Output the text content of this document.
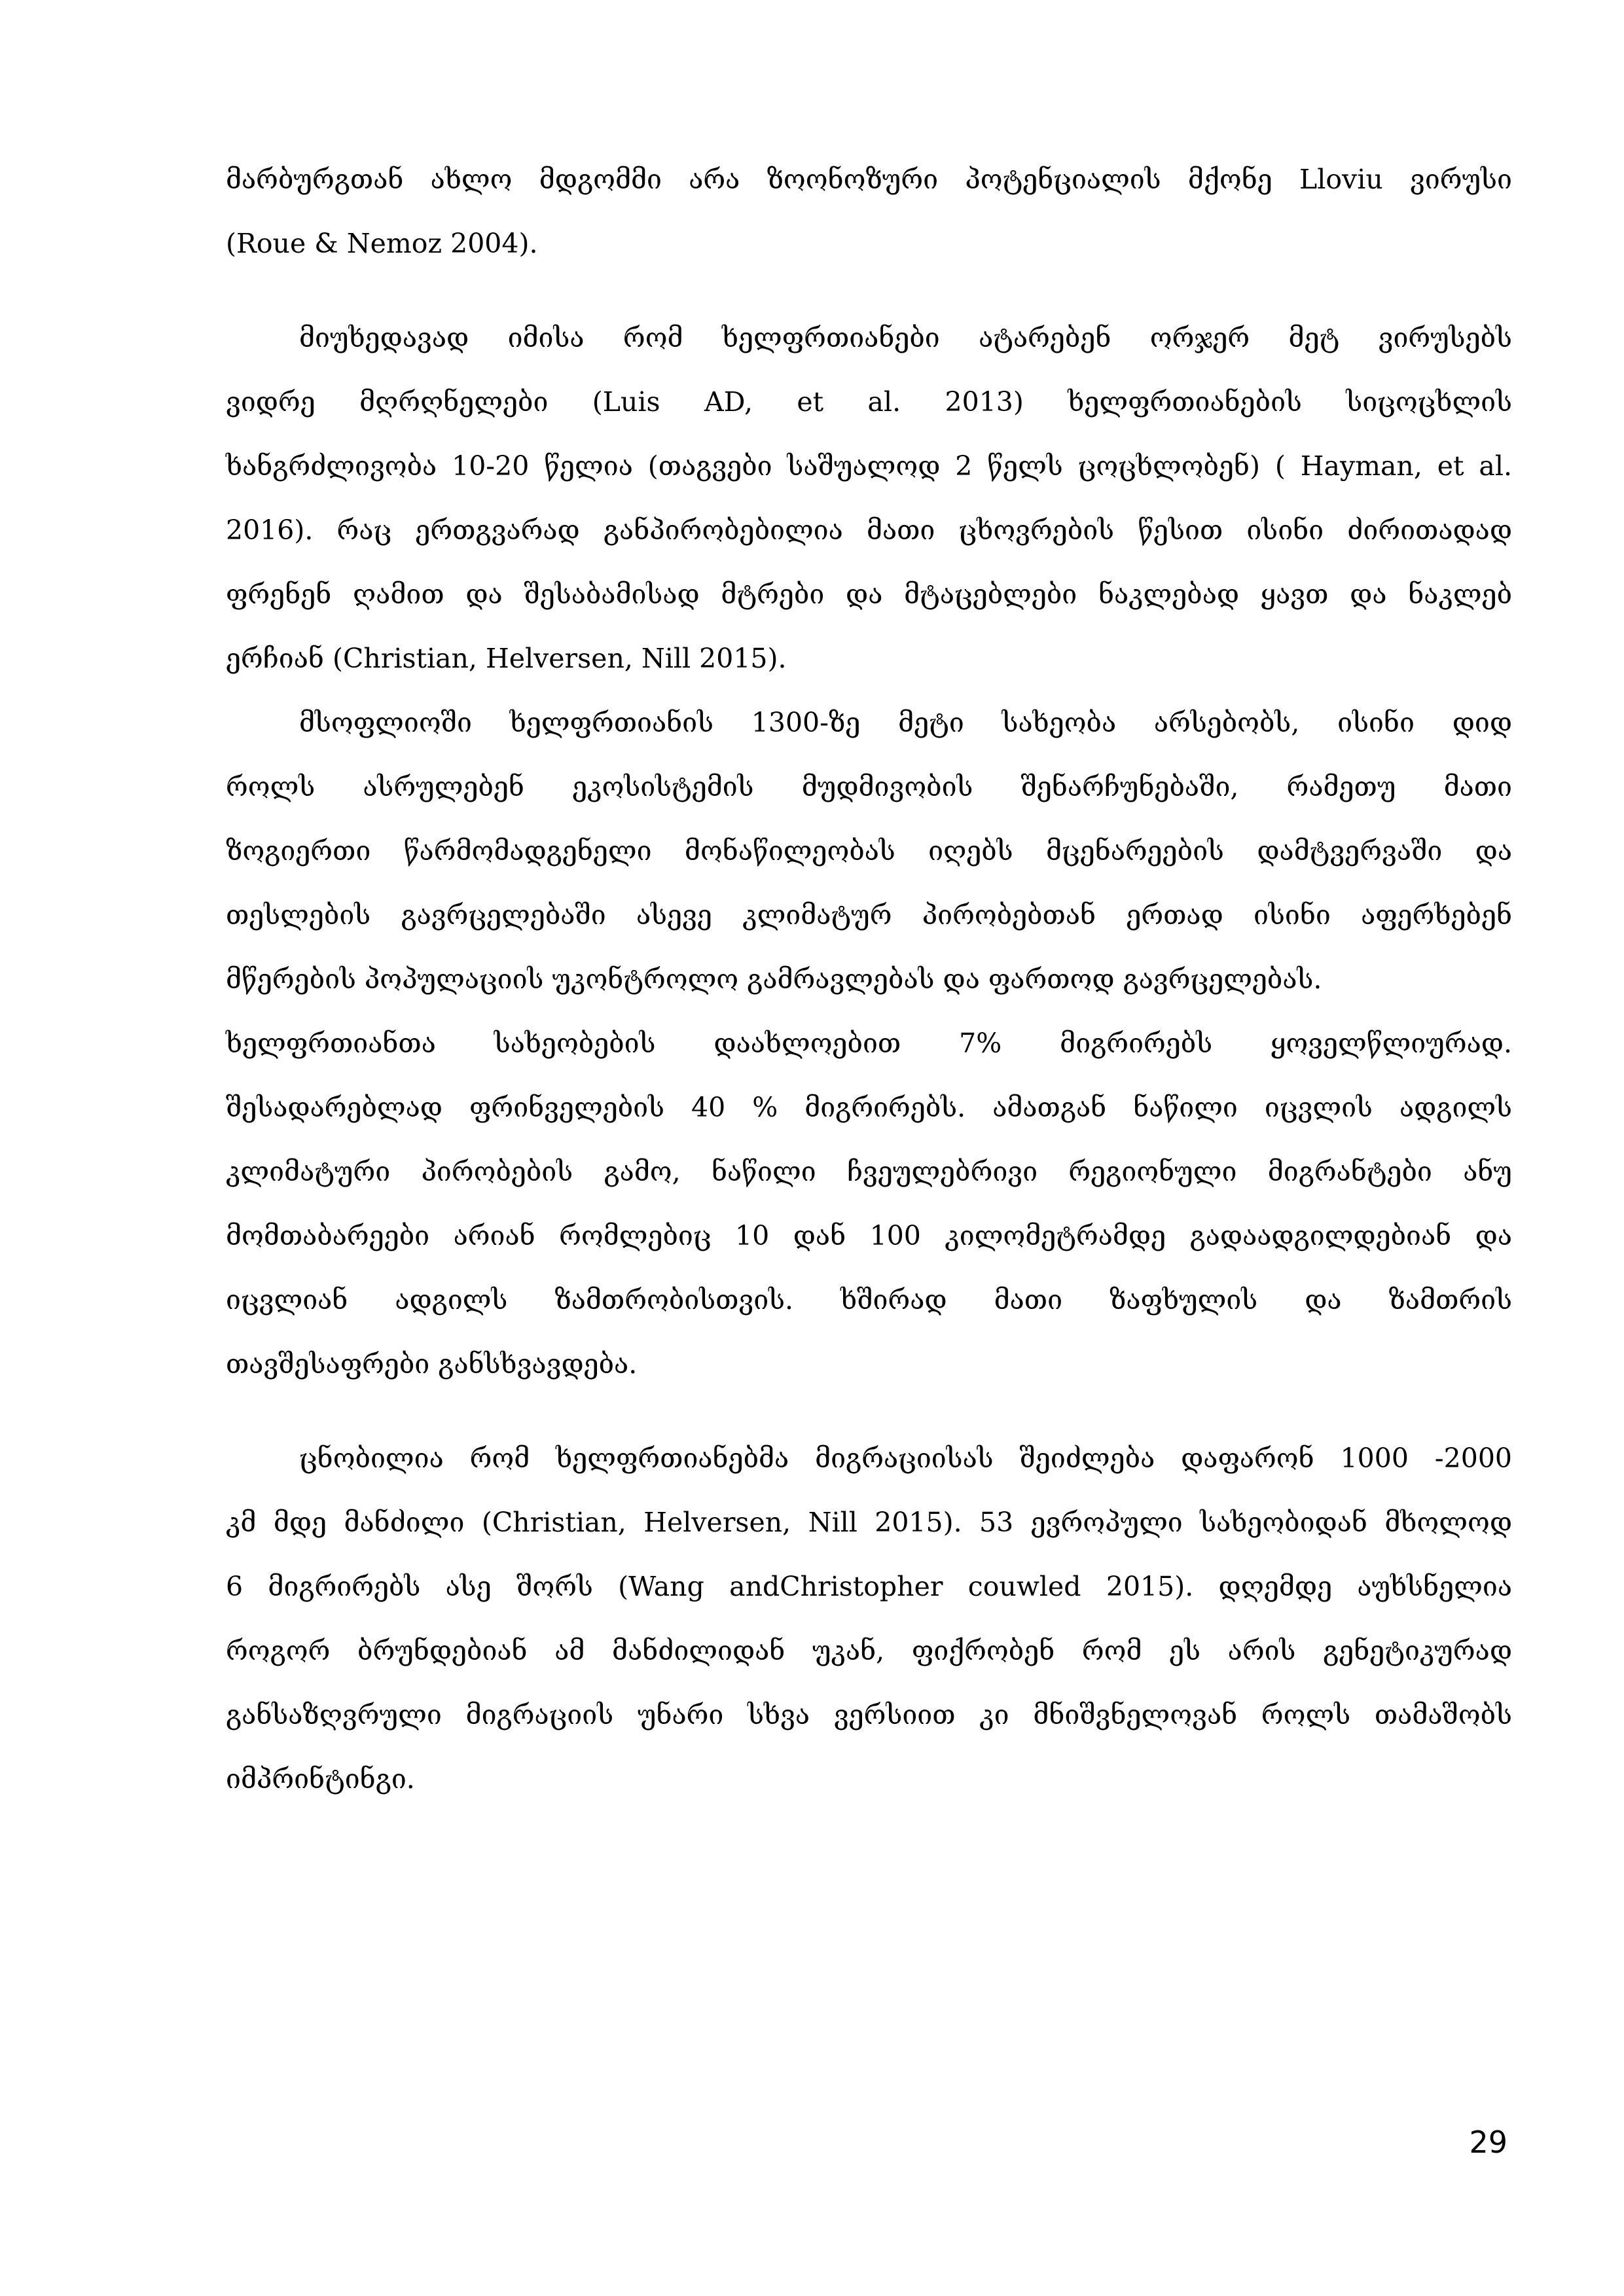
მარბურგთან ახლო მდგომმი არა ზოონოზური პოტენციალის მქონე Lloviu ვირუსი
(Roue & Nemoz 2004).
მიუხედავად იმისა რომ ხელფრთიანები ატარებენ ორჯერ მეტ ვირუსებს
ვიდრე მღრღნელები (Luis AD, et al. 2013) ხელფრთიანების სიცოცხლის
ხანგრძლივობა 10-20 წელია (თაგვები საშუალოდ 2 წელს ცოცხლობენ) ( Hayman, et al.
2016). რაც ერთგვარად განპირობებილია მათი ცხოვრების წესით ისინი ძირითადად
ფრენენ ღამით და შესაბამისად მტრები და მტაცებლები ნაკლებად ყავთ და ნაკლებ
ერჩიან (Christian, Helversen, Nill 2015).
მსოფლიოში ხელფრთიანის 1300-ზე მეტი სახეობა არსებობს, ისინი დიდ
როლს ასრულებენ ეკოსისტემის მუდმივობის შენარჩუნებაში, რამეთუ მათი
ზოგიერთი წარმომადგენელი მონაწილეობას იღებს მცენარეების დამტვერვაში და
თესლების გავრცელებაში ასევე კლიმატურ პირობებთან ერთად ისინი აფერხებენ
მწერების პოპულაციის უკონტროლო გამრავლებას და ფართოდ გავრცელებას.
ხელფრთიანთა სახეობების დაახლოებით 7% მიგრირებს ყოველწლიურად.
შესადარებლად ფრინველების 40 % მიგრირებს. ამათგან ნაწილი იცვლის ადგილს
კლიმატური პირობების გამო, ნაწილი ჩვეულებრივი რეგიონული მიგრანტები ანუ
მომთაბარეები არიან რომლებიც 10 დან 100 კილომეტრამდე გადაადგილდებიან და
იცვლიან ადგილს ზამთრობისთვის. ხშირად მათი ზაფხულის და ზამთრის
თავშესაფრები განსხვავდება.
ცნობილია რომ ხელფრთიანებმა მიგრაციისას შეიძლება დაფარონ 1000 -2000
კმ მდე მანძილი (Christian, Helversen, Nill 2015). 53 ევროპული სახეობიდან მხოლოდ
6 მიგრირებს ასე შორს (Wang andChristopher couwled 2015). დღემდე აუხსნელია
როგორ ბრუნდებიან ამ მანძილიდან უკან, ფიქრობენ რომ ეს არის გენეტიკურად
განსაზღვრული მიგრაციის უნარი სხვა ვერსიით კი მნიშვნელოვან როლს თამაშობს
იმპრინტინგი.
29
